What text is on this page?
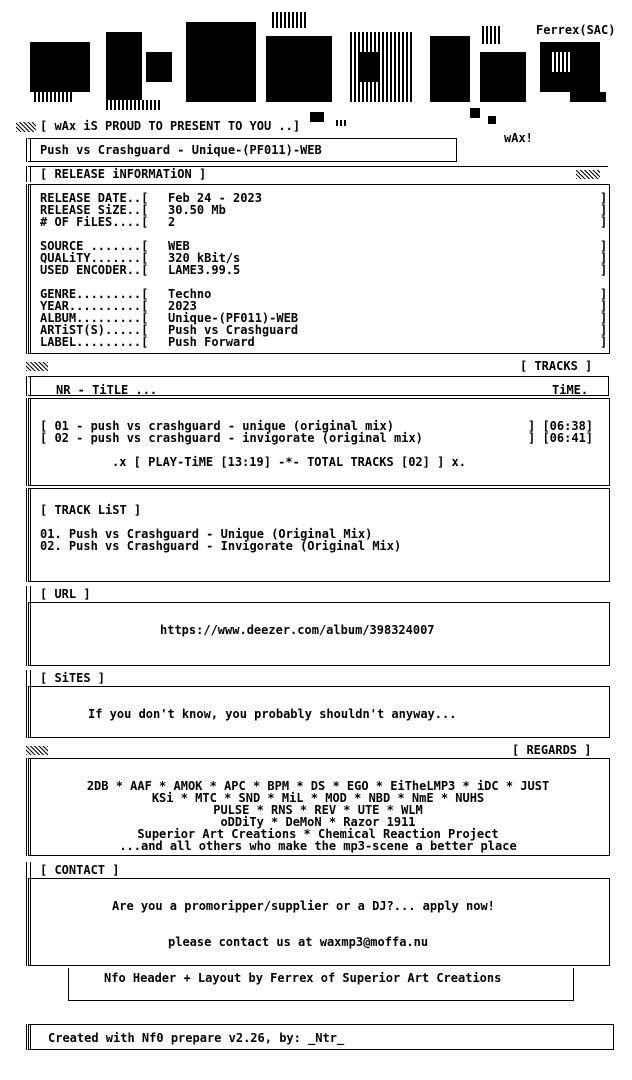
Ferrex(SAC)
wAx!
[ wAx iS PROUD TO PRESENT TO YOU ..]
Push vs Crashguard - Unique-(PF011)-WEB
[ RELEASE iNFORMATiON ]
[ TRACKS ]
NR - TiTLE ...	TiME.
.x [ PLAY-TiME [13:19] -*- TOTAL TRACKS [02] ] x.
[ TRACK LiST ]
[ URL ]
https://www.deezer.com/album/398324007
[ SiTES ]
If you don't know, you probably shouldn't anyway...
[ REGARDS ]
[ CONTACT ]
Are you a promoripper/supplier or a DJ?... apply now!
please contact us at waxmp3@moffa.nu
Nfo Header + Layout by Ferrex of Superior Art Creations
Created with Nf0 prepare v2.26, by: _Ntr_
RELEASE DATE..[ Feb 24 - 2023	]
RELEASE SiZE..[ 30.50 Mb	]
# OF FiLES....[ 2	]
SOURCE .......[ WEB	]
QUALiTY.......[ 320 kBit/s	]
USED ENCODER..[ LAME3.99.5	]
GENRE.........[ Techno	]
YEAR..........[ 2023	]
ALBUM.........[ Unique-(PF011)-WEB	]
ARTiST(S).....[ Push vs Crashguard	]
LABEL.........[ Push Forward	]
[ 01 - push vs crashguard - unique (original mix)	] [06:38]
[ 02 - push vs crashguard - invigorate (original mix)	] [06:41]
01. Push vs Crashguard - Unique (Original Mix)
02. Push vs Crashguard - Invigorate (Original Mix)
2DB * AAF * AMOK * APC * BPM * DS * EGO * EiTheLMP3 * iDC * JUST
KSi * MTC * SND * MiL * MOD * NBD * NmE * NUHS
PULSE * RNS * REV * UTE * WLM
oDDiTy * DeMoN * Razor 1911
Superior Art Creations * Chemical Reaction Project
...and all others who make the mp3-scene a better place
